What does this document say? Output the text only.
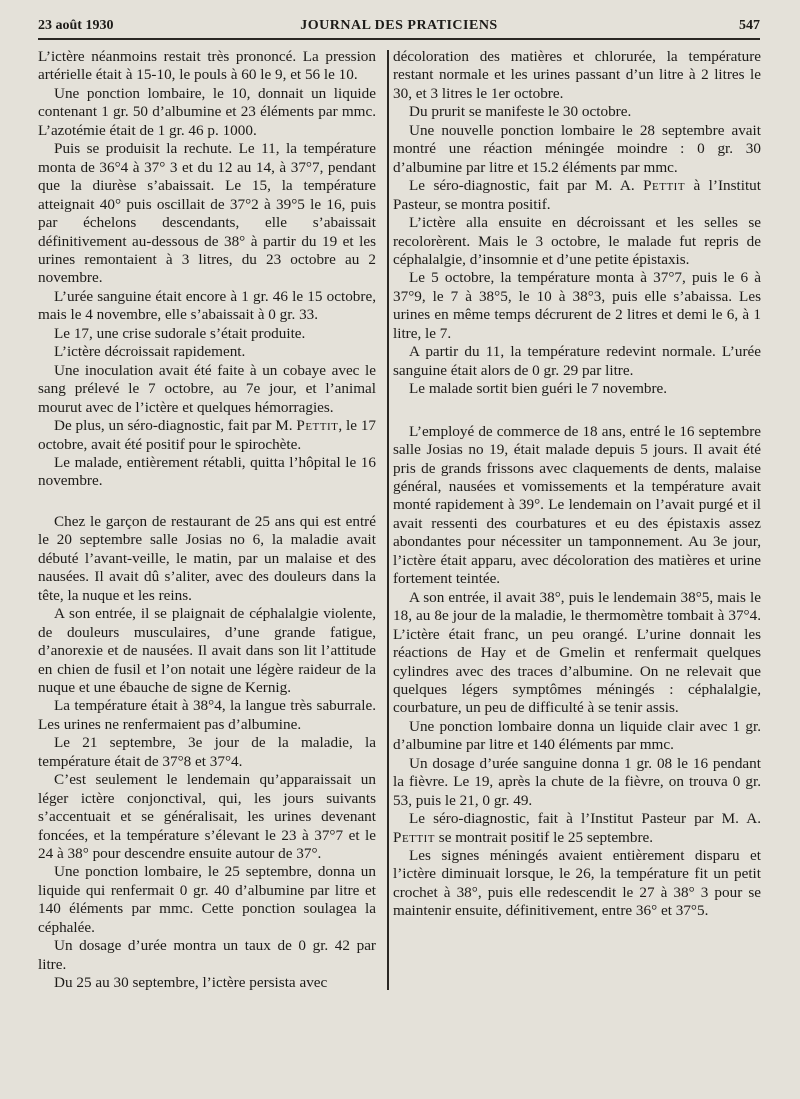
23 août 1930	JOURNAL DES PRATICIENS	547

L’ictère néanmoins restait très prononcé. La pression artérielle était à 15-10, le pouls à 60 le 9, et 56 le 10.

Une ponction lombaire, le 10, donnait un liquide contenant 1 gr. 50 d’albumine et 23 éléments par mmc. L’azotémie était de 1 gr. 46 p. 1000.

Puis se produisit la rechute. Le 11, la température monta de 36°4 à 37° 3 et du 12 au 14, à 37°7, pendant que la diurèse s’abaissait. Le 15, la température atteignait 40° puis oscillait de 37°2 à 39°5 le 16, puis par échelons descendants, elle s’abaissait définitivement au-dessous de 38° à partir du 19 et les urines remontaient à 3 litres, du 23 octobre au 2 novembre.

L’urée sanguine était encore à 1 gr. 46 le 15 octobre, mais le 4 novembre, elle s’abaissait à 0 gr. 33.

Le 17, une crise sudorale s’était produite.

L’ictère décroissait rapidement.

Une inoculation avait été faite à un cobaye avec le sang prélevé le 7 octobre, au 7e jour, et l’animal mourut avec de l’ictère et quelques hémorragies.

De plus, un séro-diagnostic, fait par M. Pettit, le 17 octobre, avait été positif pour le spirochète.

Le malade, entièrement rétabli, quitta l’hôpital le 16 novembre.

Chez le garçon de restaurant de 25 ans qui est entré le 20 septembre salle Josias no 6, la maladie avait débuté l’avant-veille, le matin, par un malaise et des nausées. Il avait dû s’aliter, avec des douleurs dans la tête, la nuque et les reins.

A son entrée, il se plaignait de céphalalgie violente, de douleurs musculaires, d’une grande fatigue, d’anorexie et de nausées. Il avait dans son lit l’attitude en chien de fusil et l’on notait une légère raideur de la nuque et une ébauche de signe de Kernig.

La température était à 38°4, la langue très saburrale. Les urines ne renfermaient pas d’albumine.

Le 21 septembre, 3e jour de la maladie, la température était de 37°8 et 37°4.

C’est seulement le lendemain qu’apparaissait un léger ictère conjonctival, qui, les jours suivants s’accentuait et se généralisait, les urines devenant foncées, et la température s’élevant le 23 à 37°7 et le 24 à 38° pour descendre ensuite autour de 37°.

Une ponction lombaire, le 25 septembre, donna un liquide qui renfermait 0 gr. 40 d’albumine par litre et 140 éléments par mmc. Cette ponction soulagea la céphalée.

Un dosage d’urée montra un taux de 0 gr. 42 par litre.

Du 25 au 30 septembre, l’ictère persista avec

décoloration des matières et chlorurée, la température restant normale et les urines passant d’un litre à 2 litres le 30, et 3 litres le 1er octobre.

Du prurit se manifeste le 30 octobre.

Une nouvelle ponction lombaire le 28 septembre avait montré une réaction méningée moindre : 0 gr. 30 d’albumine par litre et 15.2 éléments par mmc.

Le séro-diagnostic, fait par M. A. Pettit à l’Institut Pasteur, se montra positif.

L’ictère alla ensuite en décroissant et les selles se recolorèrent. Mais le 3 octobre, le malade fut repris de céphalalgie, d’insomnie et d’une petite épistaxis.

Le 5 octobre, la température monta à 37°7, puis le 6 à 37°9, le 7 à 38°5, le 10 à 38°3, puis elle s’abaissa. Les urines en même temps décrurent de 2 litres et demi le 6, à 1 litre, le 7.

A partir du 11, la température redevint normale. L’urée sanguine était alors de 0 gr. 29 par litre.

Le malade sortit bien guéri le 7 novembre.

L’employé de commerce de 18 ans, entré le 16 septembre salle Josias no 19, était malade depuis 5 jours. Il avait été pris de grands frissons avec claquements de dents, malaise général, nausées et vomissements et la température avait monté rapidement à 39°. Le lendemain on l’avait purgé et il avait ressenti des courbatures et eu des épistaxis assez abondantes pour nécessiter un tamponnement. Au 3e jour, l’ictère était apparu, avec décoloration des matières et urine fortement teintée.

A son entrée, il avait 38°, puis le lendemain 38°5, mais le 18, au 8e jour de la maladie, le thermomètre tombait à 37°4. L’ictère était franc, un peu orangé. L’urine donnait les réactions de Hay et de Gmelin et renfermait quelques cylindres avec des traces d’albumine. On ne relevait que quelques légers symptômes méningés : céphalalgie, courbature, un peu de difficulté à se tenir assis.

Une ponction lombaire donna un liquide clair avec 1 gr. d’albumine par litre et 140 éléments par mmc.

Un dosage d’urée sanguine donna 1 gr. 08 le 16 pendant la fièvre. Le 19, après la chute de la fièvre, on trouva 0 gr. 53, puis le 21, 0 gr. 49.

Le séro-diagnostic, fait à l’Institut Pasteur par M. A. Pettit se montrait positif le 25 septembre.

Les signes méningés avaient entièrement disparu et l’ictère diminuait lorsque, le 26, la température fit un petit crochet à 38°, puis elle redescendit le 27 à 38° 3 pour se maintenir ensuite, définitivement, entre 36° et 37°5.
